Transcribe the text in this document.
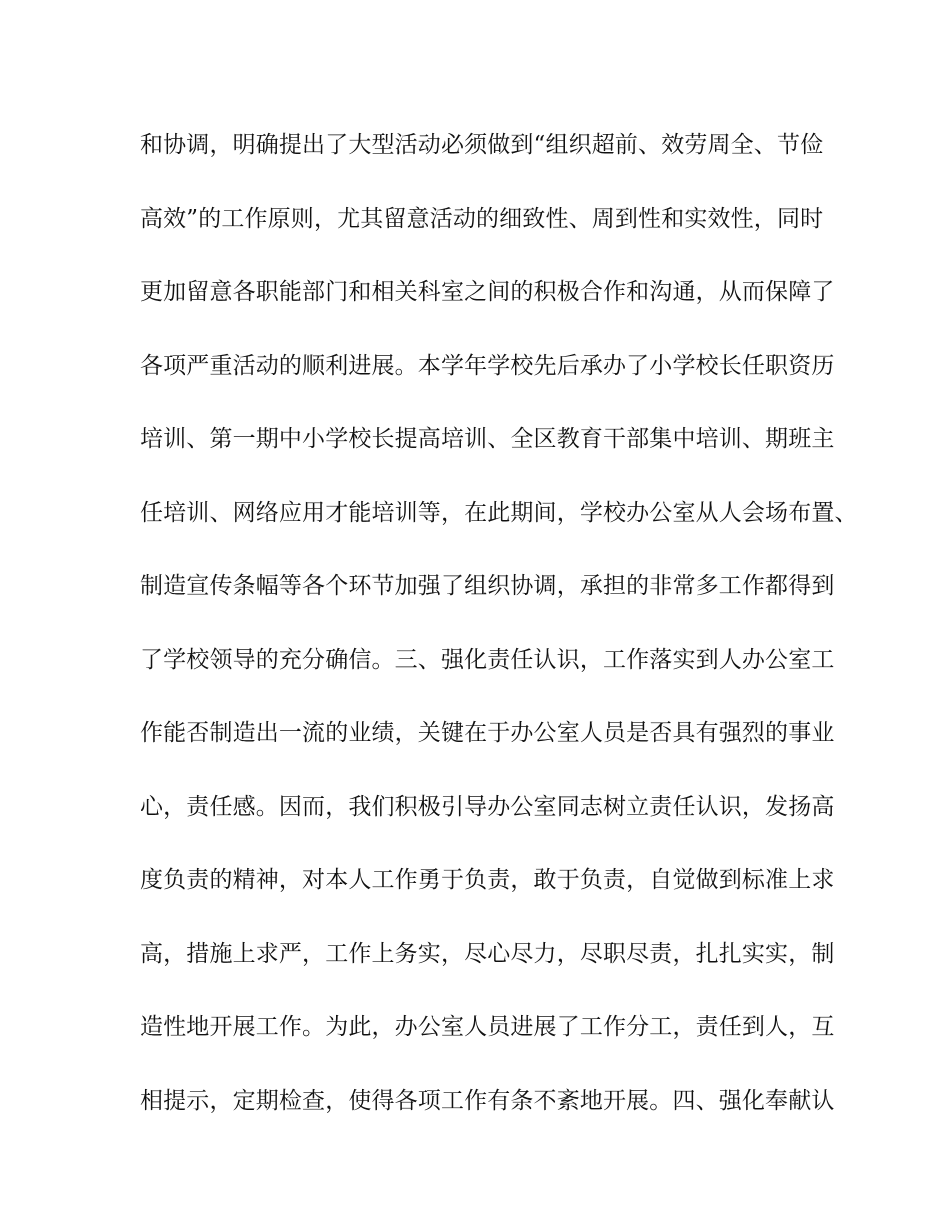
和协调，明确提出了大型活动必须做到“组织超前、效劳周全、节俭
高效”的工作原则，尤其留意活动的细致性、周到性和实效性，同时
更加留意各职能部门和相关科室之间的积极合作和沟通，从而保障了
各项严重活动的顺利进展。本学年学校先后承办了小学校长任职资历
培训、第一期中小学校长提高培训、全区教育干部集中培训、期班主
任培训、网络应用才能培训等，在此期间，学校办公室从人会场布置、
制造宣传条幅等各个环节加强了组织协调，承担的非常多工作都得到
了学校领导的充分确信。三、强化责任认识，工作落实到人办公室工
作能否制造出一流的业绩，关键在于办公室人员是否具有强烈的事业
心，责任感。因而，我们积极引导办公室同志树立责任认识，发扬高
度负责的精神，对本人工作勇于负责，敢于负责，自觉做到标准上求
高，措施上求严，工作上务实，尽心尽力，尽职尽责，扎扎实实，制
造性地开展工作。为此，办公室人员进展了工作分工，责任到人，互
相提示，定期检查，使得各项工作有条不紊地开展。四、强化奉献认
